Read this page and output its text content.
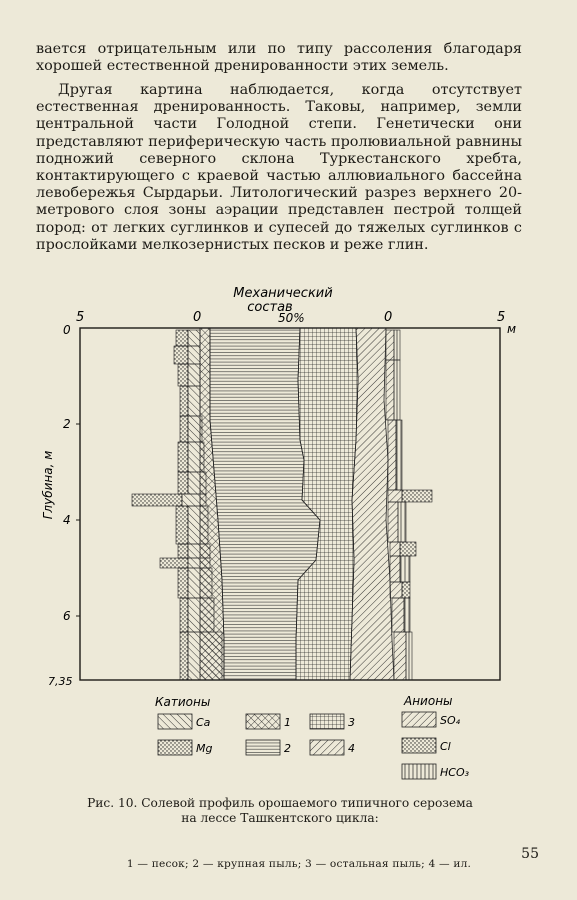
вается отрицательным или по типу рассоления благодаря хорошей естественной дренированности этих земель.

Другая картина наблюдается, когда отсутствует естественная дренированность. Таковы, например, земли центральной части Голодной степи. Генетически они представляют периферическую часть пролювиальной равнины подножий северного склона Туркестанского хребта, контактирующего с краевой частью аллювиального бассейна левобережья Сырдарьи. Литологический разрез верхнего 20-метрового слоя зоны аэрации представлен пестрой толщей пород: от легких суглинков и супесей до тяжелых суглинков с прослойками мелкозернистых песков и реже глин.

Механический
состав
5	0	50%	0	5
м
0
2
4
6
7,35
Глубина, м
Катионы	Анионы
Ca
Mg
1
2
3
4
SO₄
Cl
HCO₃
Рис. 10. Солевой профиль орошаемого типичного серозема
на лессе Ташкентского цикла:
1 — песок; 2 — крупная пыль; 3 — остальная пыль; 4 — ил.
55
